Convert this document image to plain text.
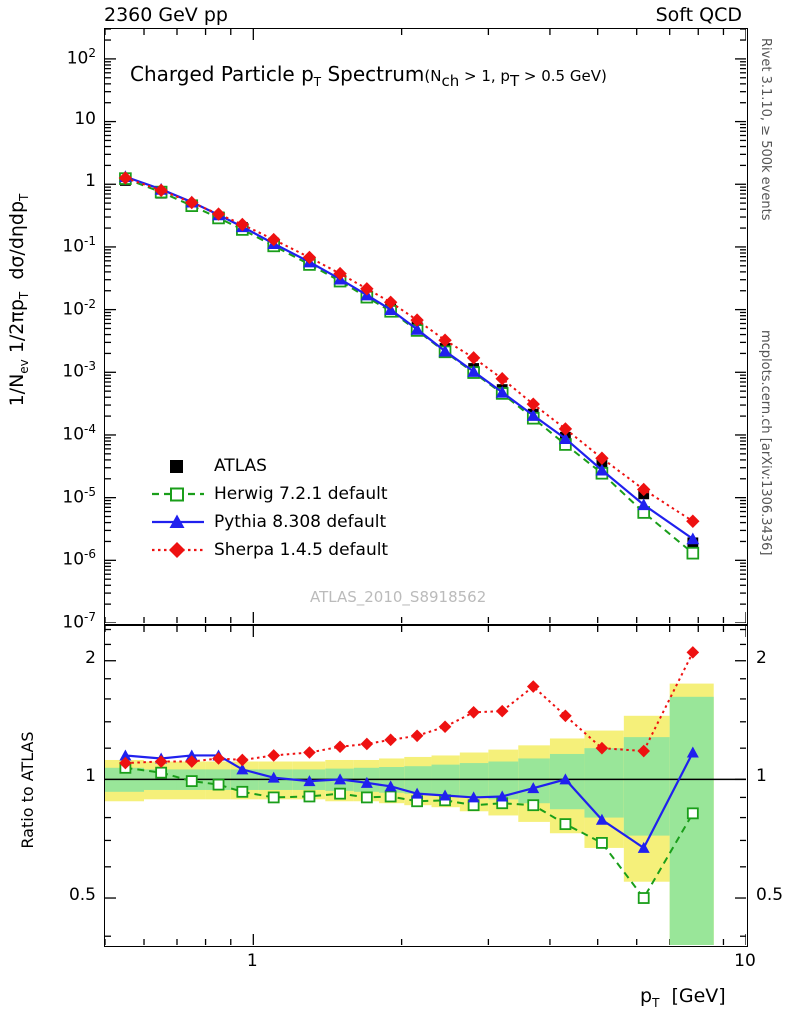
2360 GeV pp	Soft QCD
Rivet 3.1.10, ≥ 500k events
mcplots.cern.ch [arXiv:1306.3436]
Charged Particle $p_T$ $Spectrum(N_{ch} > 1$, $p_T > 0.5$ GeV)
ATLAS_2010_S8918562
ATLAS
Herwig 7.2.1 default
Pythia 8.308 default
Sherpa 1.4.5 default
$1/N_{ev}$ $1/2\pi p_T$  dσ/dηdp$_T$
Ratio to ATLAS
$p_T$  [GeV]
$10^2$
10
1
$10^{-1}$
$10^{-2}$
$10^{-3}$
$10^{-4}$
$10^{-5}$
$10^{-6}$
$10^{-7}$
2	2
1	1
0.5	0.5
1	10
